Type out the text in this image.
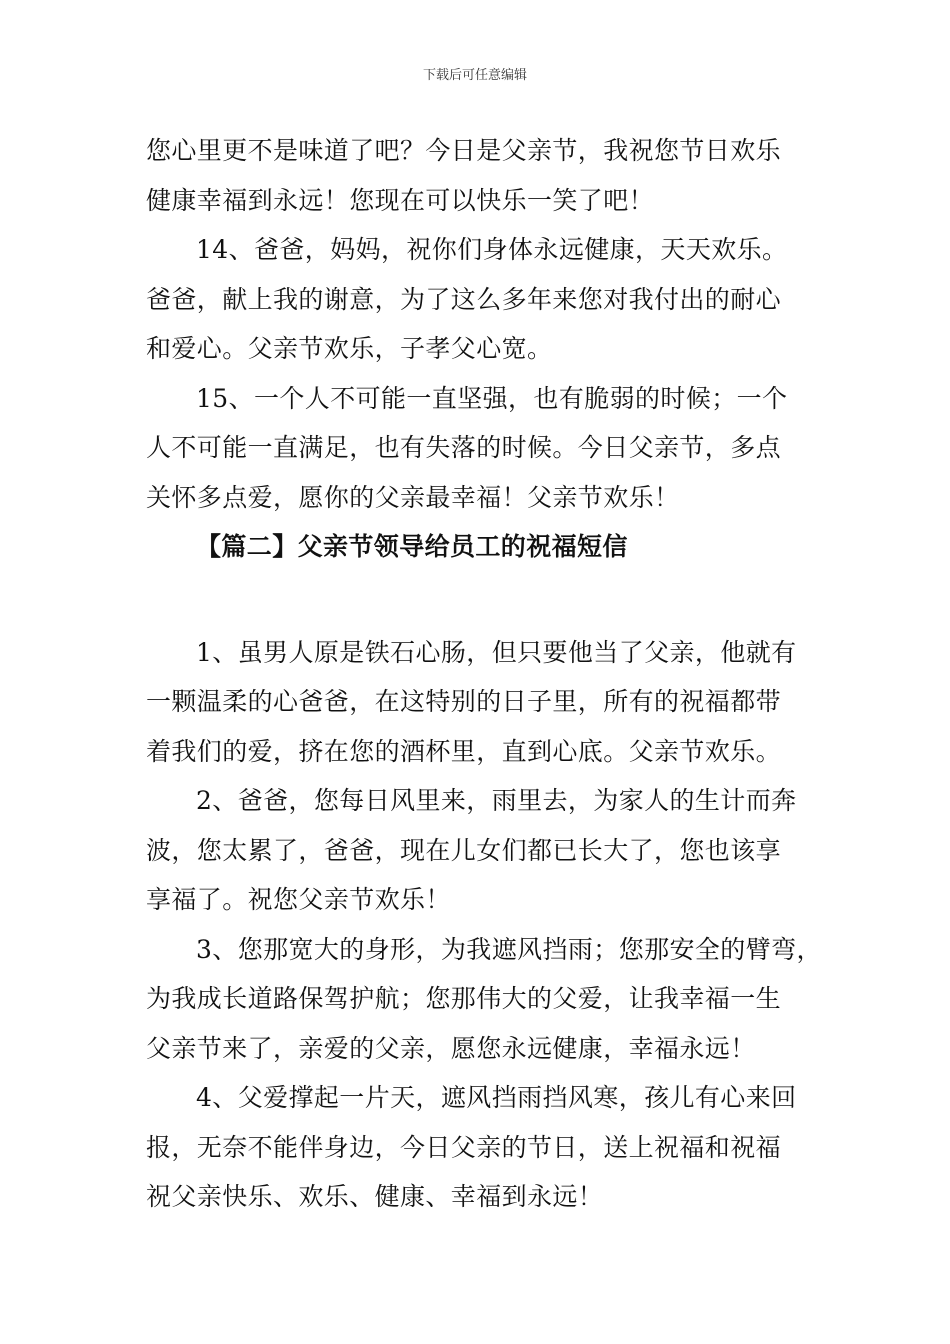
下载后可任意编辑

您心里更不是味道了吧？今日是父亲节，我祝您节日欢乐
健康幸福到永远！您现在可以快乐一笑了吧！

14、爸爸，妈妈，祝你们身体永远健康，天天欢乐。
爸爸，献上我的谢意，为了这么多年来您对我付出的耐心
和爱心。父亲节欢乐，子孝父心宽。

15、一个人不可能一直坚强，也有脆弱的时候；一个
人不可能一直满足，也有失落的时候。今日父亲节，多点
关怀多点爱，愿你的父亲最幸福！父亲节欢乐！

【篇二】父亲节领导给员工的祝福短信

1、虽男人原是铁石心肠，但只要他当了父亲，他就有
一颗温柔的心爸爸，在这特别的日子里，所有的祝福都带
着我们的爱，挤在您的酒杯里，直到心底。父亲节欢乐。

2、爸爸，您每日风里来，雨里去，为家人的生计而奔
波，您太累了，爸爸，现在儿女们都已长大了，您也该享
享福了。祝您父亲节欢乐！

3、您那宽大的身形，为我遮风挡雨；您那安全的臂弯，
为我成长道路保驾护航；您那伟大的父爱，让我幸福一生
父亲节来了，亲爱的父亲，愿您永远健康，幸福永远！

4、父爱撑起一片天，遮风挡雨挡风寒，孩儿有心来回
报，无奈不能伴身边，今日父亲的节日，送上祝福和祝福
祝父亲快乐、欢乐、健康、幸福到永远！
